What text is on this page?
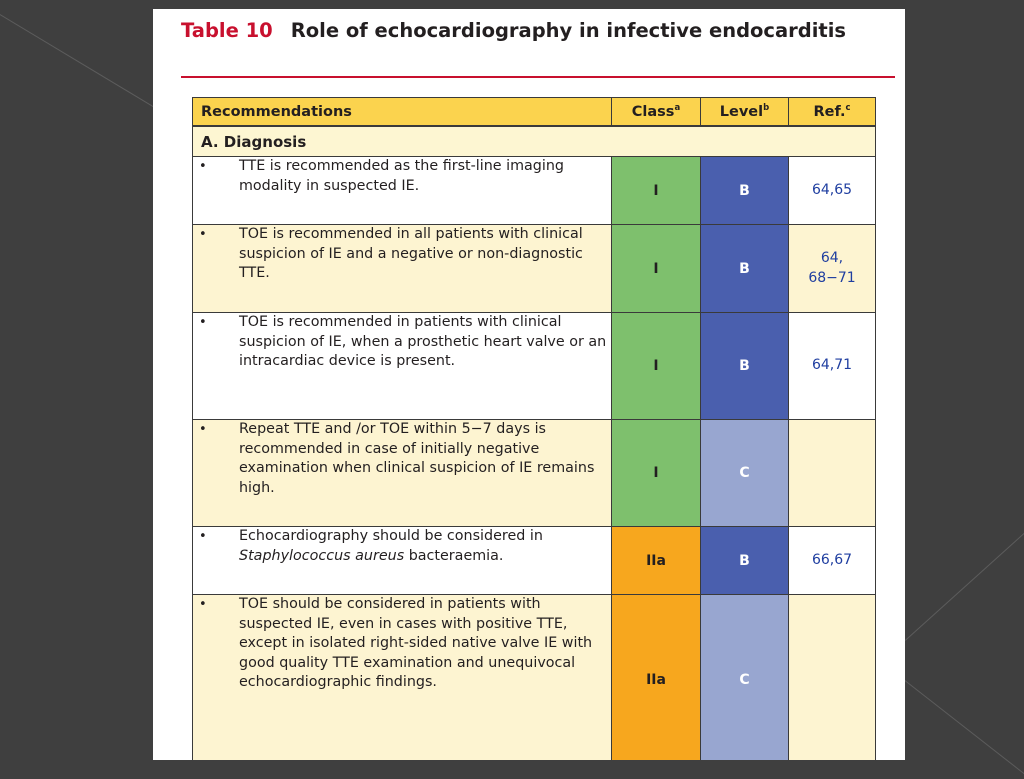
Table 10 Role of echocardiography in infective endocarditis
Recommendations	Class$^a$	Level$^b$	Ref.$^c$
A. Diagnosis			

• TTE is recommended as the first-line imaging modality in suspected IE.	I	B	64,65

• TOE is recommended in all patients with clinical suspicion of IE and a negative or non-diagnostic TTE.	I	B	64, 68−71

• TOE is recommended in patients with clinical suspicion of IE, when a prosthetic heart valve or an intracardiac device is present.	I	B	64,71

• Repeat TTE and /or TOE within 5−7 days is recommended in case of initially negative examination when clinical suspicion of IE remains high.	I	C	

• Echocardiography should be considered in Staphylococcus aureus bacteraemia.	IIa	B	66,67

• TOE should be considered in patients with suspected IE, even in cases with positive TTE, except in isolated right-sided native valve IE with good quality TTE examination and unequivocal echocardiographic findings.	IIa	C	
